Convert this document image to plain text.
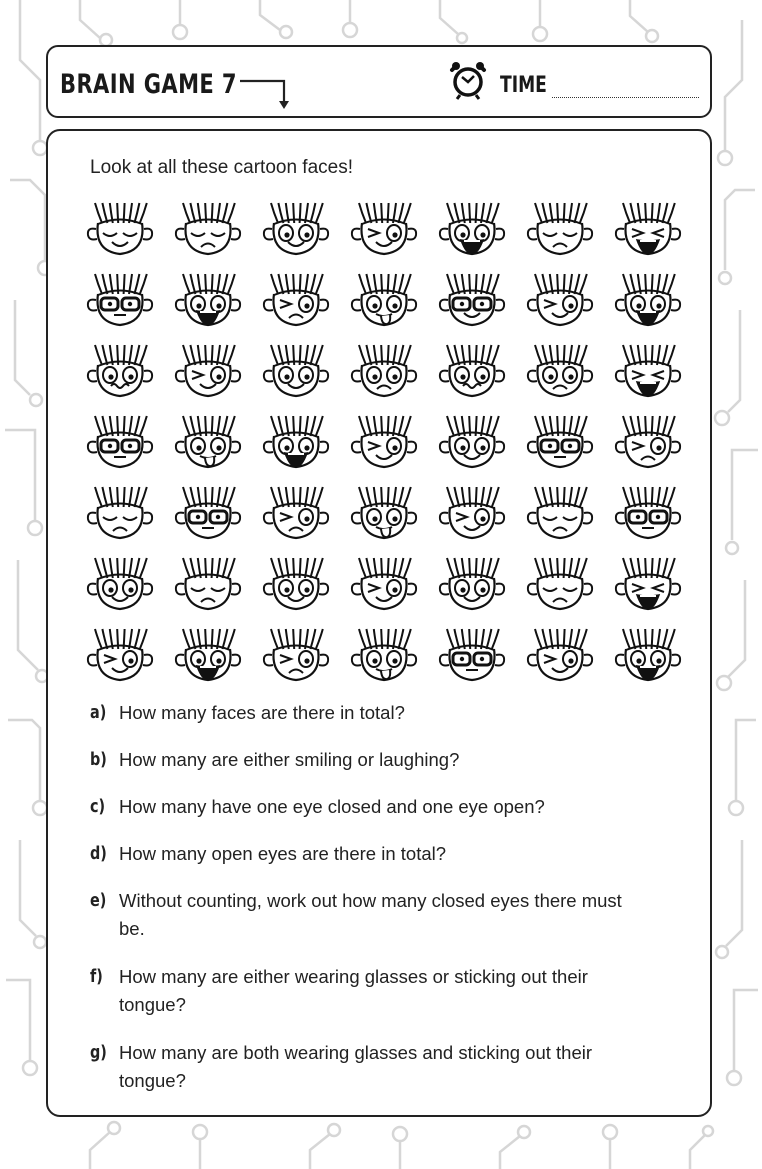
BRAIN GAME 7	TIME
Look at all these cartoon faces!
a) How many faces are there in total?
b) How many are either smiling or laughing?
c) How many have one eye closed and one eye open?
d) How many open eyes are there in total?
e) Without counting, work out how many closed eyes there must be.
f) How many are either wearing glasses or sticking out their tongue?
g) How many are both wearing glasses and sticking out their tongue?
